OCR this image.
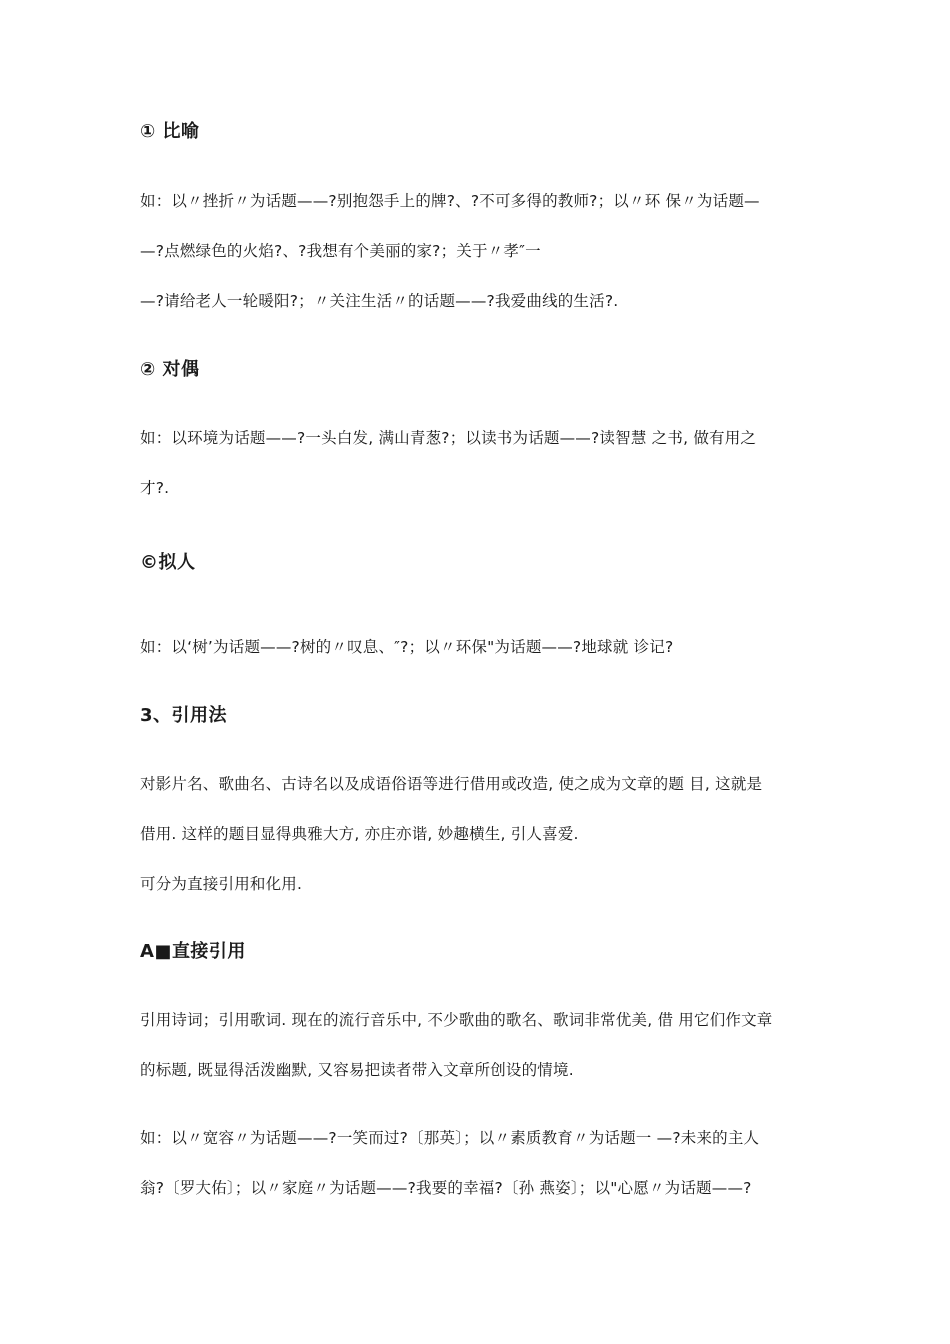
① 比喻
如：以〃挫折〃为话题——?别抱怨手上的牌?、?不可多得的教师?；以〃环 保〃为话题—
—?点燃绿色的火焰?、?我想有个美丽的家?；关于〃孝″一
—?请给老人一轮暖阳?；〃关注生活〃的话题——?我爱曲线的生活?.
② 对偶
如：以环境为话题——?一头白发, 满山青葱?；以读书为话题——?读智慧 之书, 做有用之
才?.
©拟人
如：以‘树’为话题——?树的〃叹息、″?；以〃环保"为话题——?地球就 诊记?
3、引用法
对影片名、歌曲名、古诗名以及成语俗语等进行借用或改造, 使之成为文章的题 目, 这就是
借用. 这样的题目显得典雅大方, 亦庄亦谐, 妙趣横生, 引人喜爱.
可分为直接引用和化用.
A■直接引用
引用诗词；引用歌词. 现在的流行音乐中, 不少歌曲的歌名、歌词非常优美, 借 用它们作文章
的标题, 既显得活泼幽默, 又容易把读者带入文章所创设的情境.
如：以〃宽容〃为话题——?一笑而过?〔那英〕；以〃素质教育〃为话题一 —?未来的主人
翁?〔罗大佑〕；以〃家庭〃为话题——?我要的幸福?〔孙 燕姿〕；以"心愿〃为话题——?
